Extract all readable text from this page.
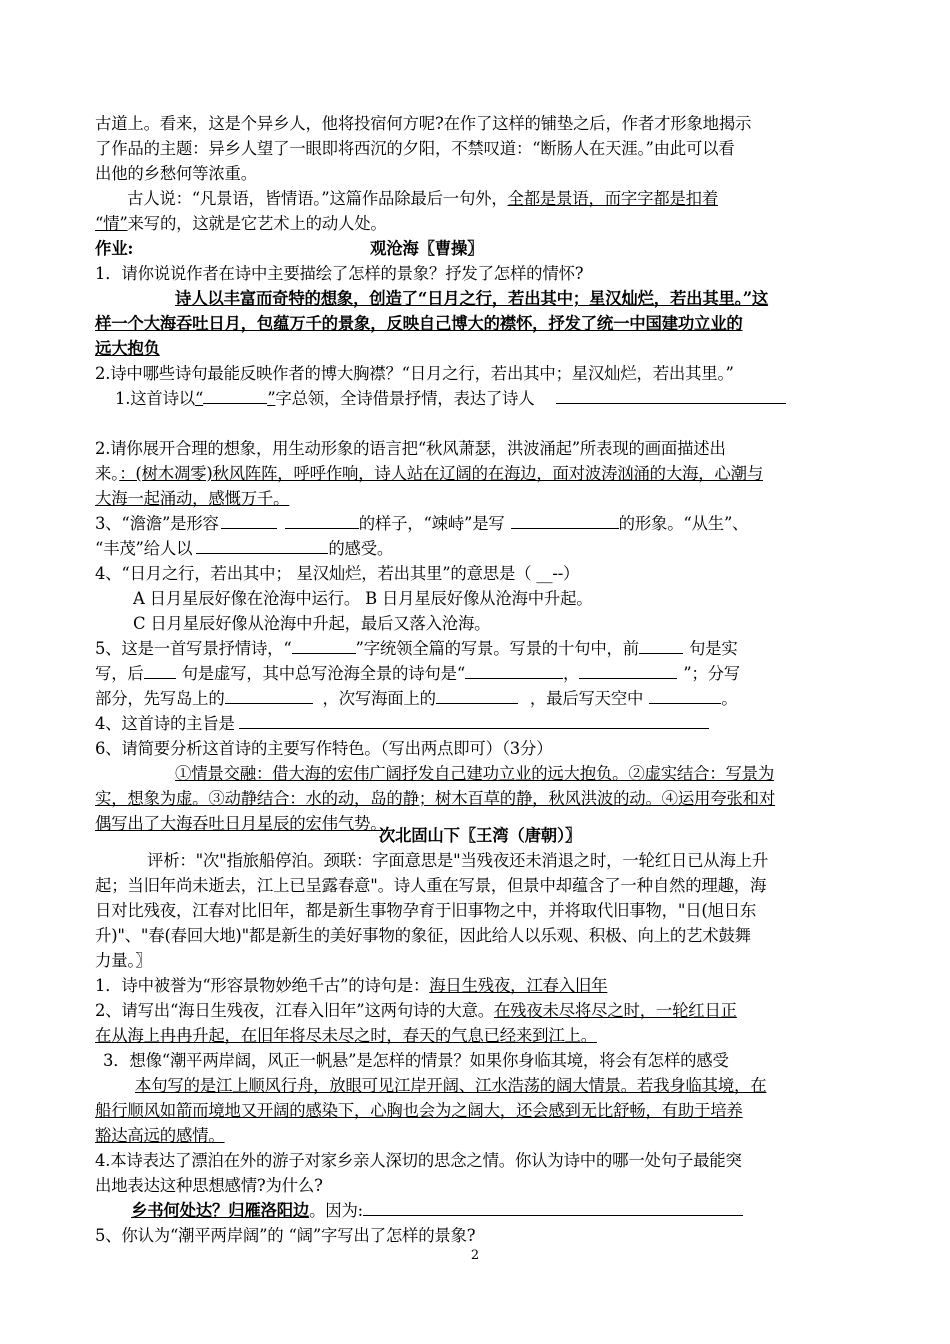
古道上。看来，这是个异乡人，他将投宿何方呢?在作了这样的铺垫之后，作者才形象地揭示
了作品的主题：异乡人望了一眼即将西沉的夕阳，不禁叹道：“断肠人在天涯。”由此可以看
出他的乡愁何等浓重。
古人说：“凡景语，皆情语。”这篇作品除最后一句外，全都是景语，而字字都是扣着
“情”来写的，这就是它艺术上的动人处。
作业:	观沧海〖曹操〗
1．请你说说作者在诗中主要描绘了怎样的景象？抒发了怎样的情怀?
诗人以丰富而奇特的想象，创造了“日月之行，若出其中；星汉灿烂，若出其里。”这
样一个大海吞吐日月，包蕴万千的景象，反映自己博大的襟怀，抒发了统一中国建功立业的
远大抱负
2.诗中哪些诗句最能反映作者的博大胸襟？“日月之行，若出其中；星汉灿烂，若出其里。”
1.这首诗以“	”字总领，全诗借景抒情，表达了诗人
2.请你展开合理的想象，用生动形象的语言把“秋风萧瑟，洪波涌起”所表现的画面描述出
来。：(树木凋零)秋风阵阵，呼呼作响，诗人站在辽阔的在海边，面对波涛汹涌的大海，心潮与
大海一起涌动，感慨万千。
3、“澹澹”是形容	的样子，“竦峙”是写	的形象。“从生”、
“丰茂”给人以	的感受。
4、“日月之行，若出其中； 星汉灿烂，若出其里”的意思是（ __--）
A 日月星辰好像在沧海中运行。 B 日月星辰好像从沧海中升起。
C 日月星辰好像从沧海中升起，最后又落入沧海。
5、这是一首写景抒情诗，“	”字统领全篇的写景。写景的十句中，前	句是实
写，后 句是虚写，其中总写沧海全景的诗句是“	，	”；分写
部分，先写岛上的	，次写海面上的	，最后写天空中	。
4、这首诗的主旨是
6、请简要分析这首诗的主要写作特色。（写出两点即可）（3分）
①情景交融：借大海的宏伟广阔抒发自己建功立业的远大抱负。②虚实结合：写景为
实，想象为虚。③动静结合：水的动，岛的静；树木百草的静，秋风洪波的动。④运用夸张和对
偶写出了大海吞吐日月星辰的宏伟气势。
次北固山下〖王湾（唐朝）〗
评析："次"指旅船停泊。颈联：字面意思是"当残夜还未消退之时，一轮红日已从海上升
起；当旧年尚未逝去，江上已呈露春意"。诗人重在写景，但景中却蕴含了一种自然的理趣，海
日对比残夜，江春对比旧年，都是新生事物孕育于旧事物之中，并将取代旧事物，"日(旭日东
升)"、"春(春回大地)"都是新生的美好事物的象征，因此给人以乐观、积极、向上的艺术鼓舞
力量。〗
1．诗中被誉为“形容景物妙绝千古”的诗句是：海日生残夜，江春入旧年
2、请写出“海日生残夜，江春入旧年”这两句诗的大意。在残夜未尽将尽之时，一轮红日正
在从海上冉冉升起，在旧年将尽未尽之时，春天的气息已经来到江上。
3．想像“潮平两岸阔，风正一帆悬”是怎样的情景？如果你身临其境，将会有怎样的感受
本句写的是江上顺风行舟，放眼可见江岸开阔、江水浩荡的阔大情景。若我身临其境，在
船行顺风如箭而境地又开阔的感染下，心胸也会为之阔大，还会感到无比舒畅，有助于培养
豁达高远的感情。
4.本诗表达了漂泊在外的游子对家乡亲人深切的思念之情。你认为诗中的哪一处句子最能突
出地表达这种思想感情?为什么?
乡书何处达？归雁洛阳边。因为:
5、你认为“潮平两岸阔”的 “阔”字写出了怎样的景象?
2
